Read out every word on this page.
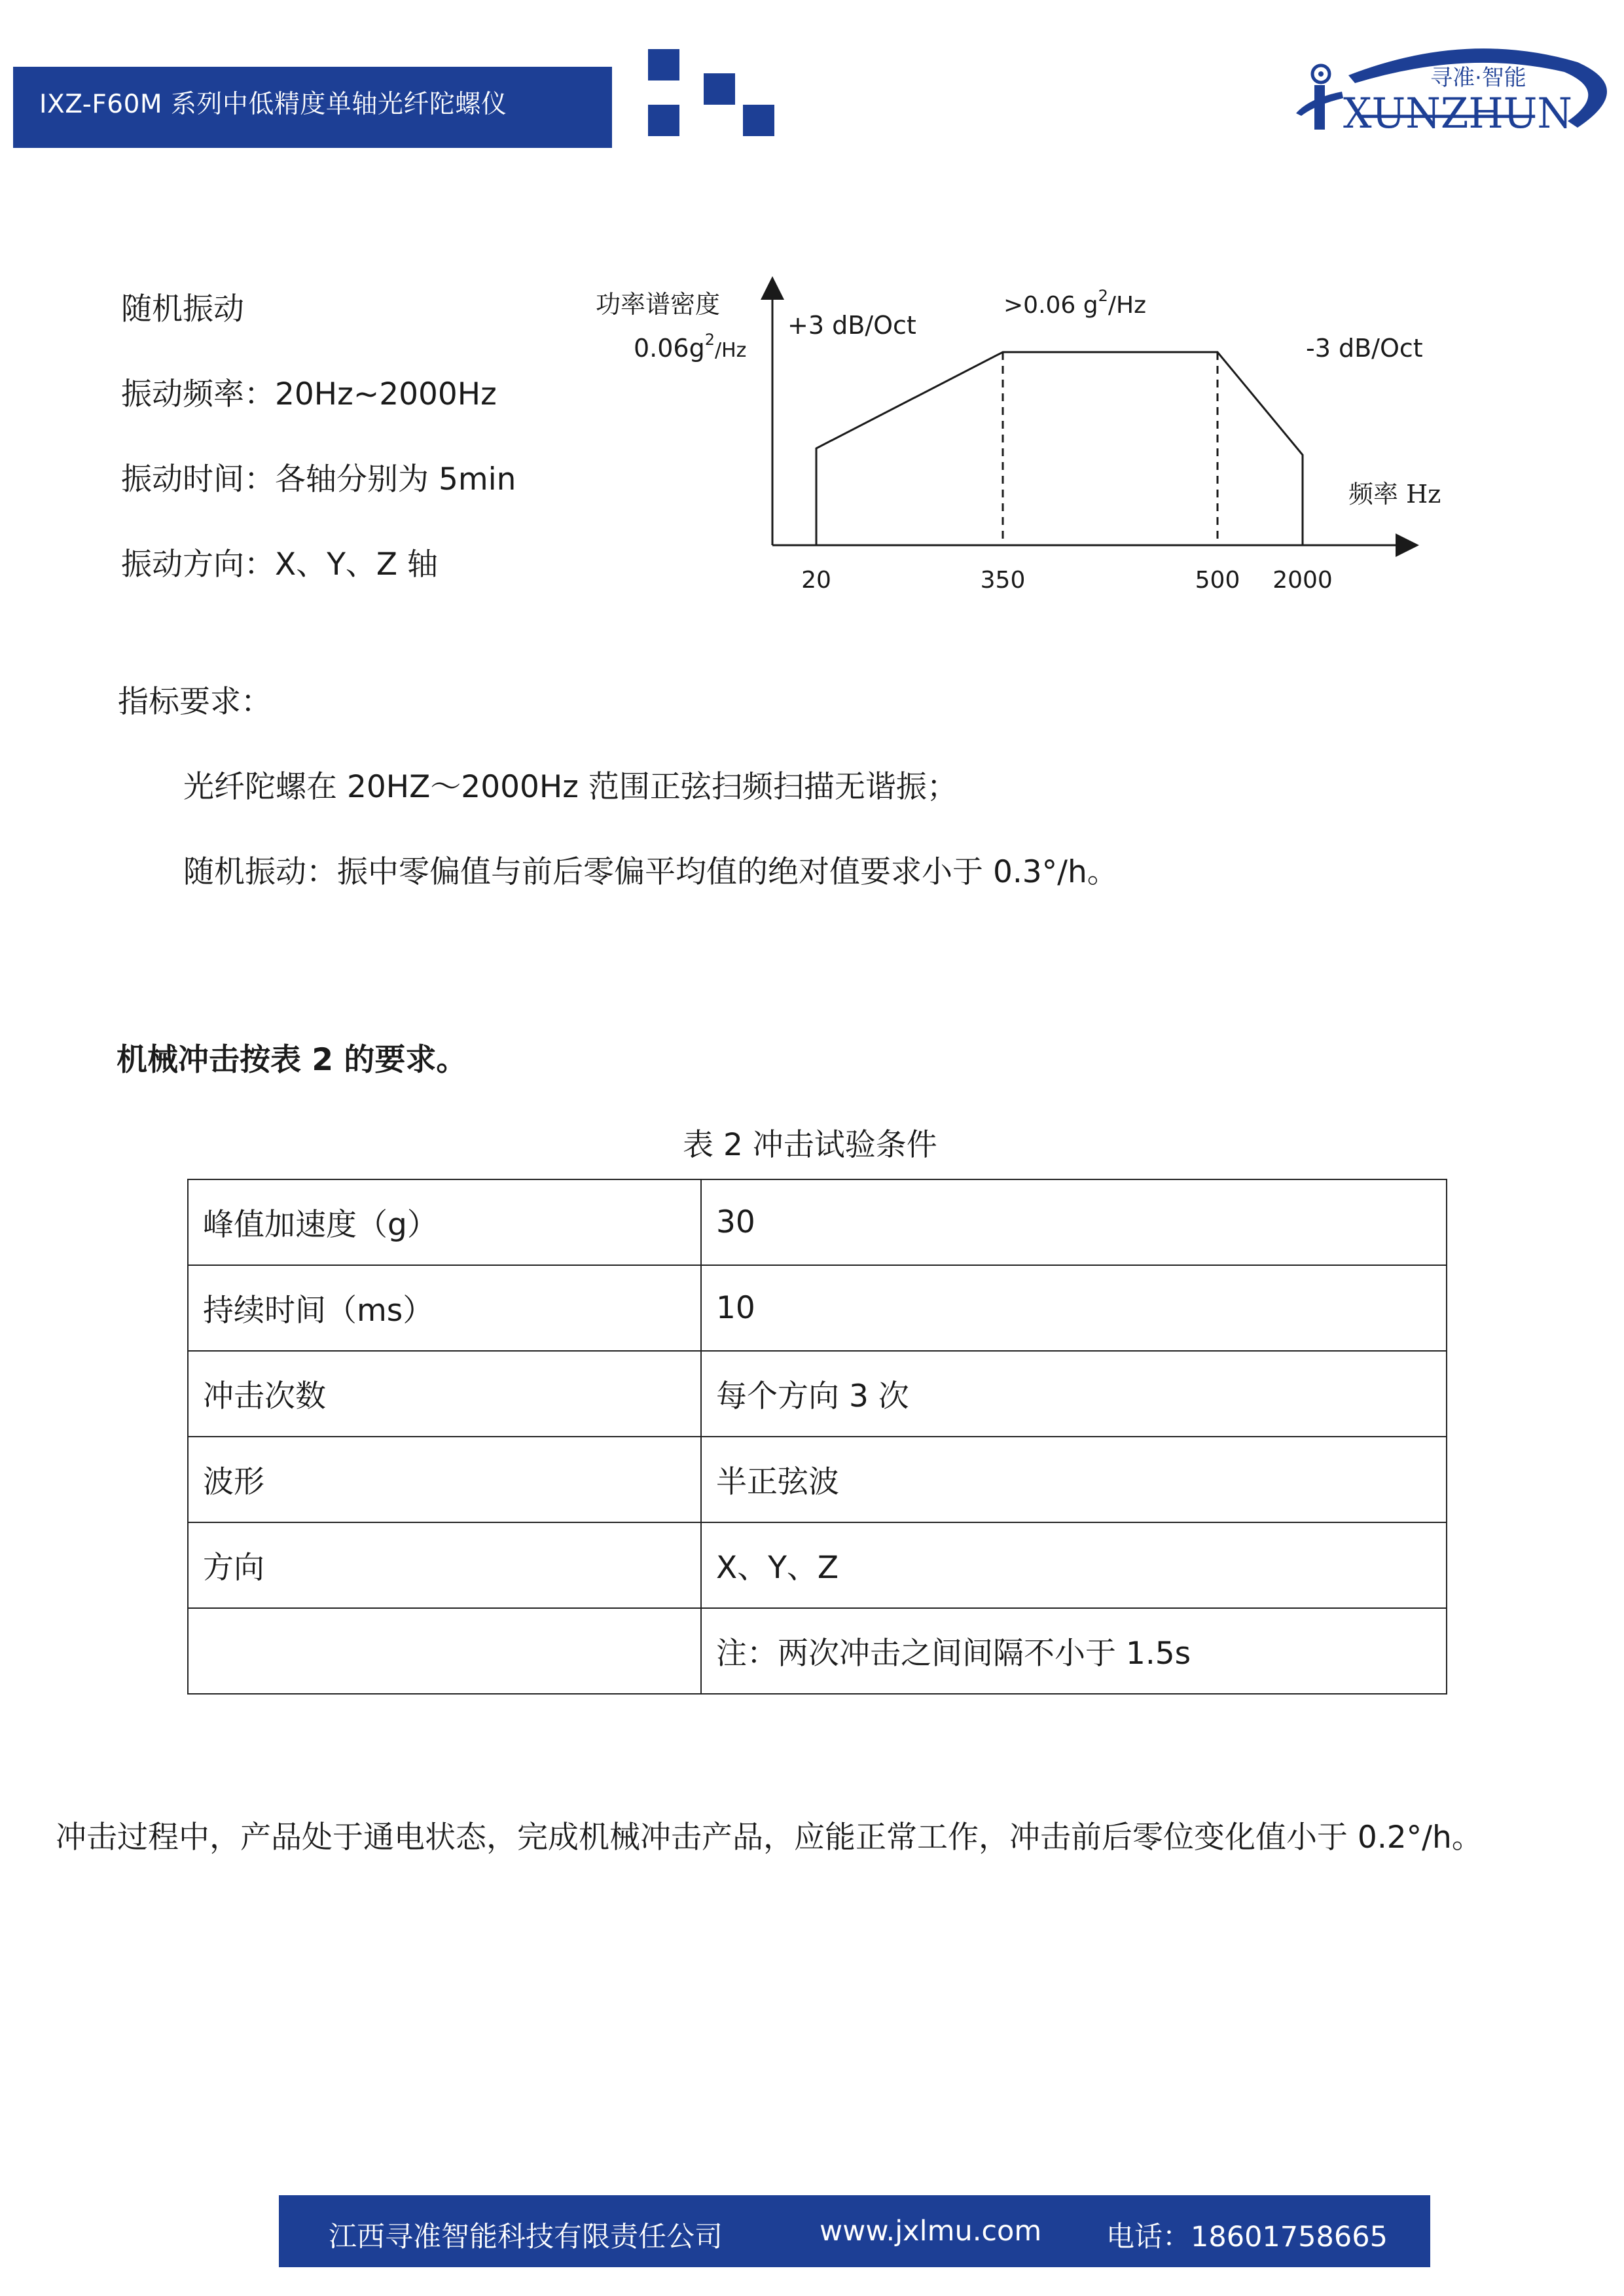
IXZ-F60M 系列中低精度单轴光纤陀螺仪
寻准·智能
-
XUNZHUN
随机振动
振动频率：20Hz~2000Hz
振动时间：各轴分别为 5min
振动方向：X、Y、Z 轴
功率谱密度
$0.06g^2_{/Hz}$
+3 dB/Oct
>0.06 $g^2/Hz$
-3 dB/Oct
频率 Hz
20	350	500 2000
指标要求：
光纤陀螺在 20HZ～2000Hz 范围正弦扫频扫描无谐振；
随机振动：振中零偏值与前后零偏平均值的绝对值要求小于 0.3°/h。
机械冲击按表 2 的要求。
表 2 冲击试验条件
峰值加速度（g）	30
持续时间（ms）	10
冲击次数	每个方向 3 次
波形	半正弦波
方向	X、Y、Z
	注：两次冲击之间间隔不小于 1.5s
冲击过程中，产品处于通电状态，完成机械冲击产品，应能正常工作，冲击前后零位变化值小于 0.2°/h。
江西寻准智能科技有限责任公司	www.jxlmu.com 电话：18601758665
